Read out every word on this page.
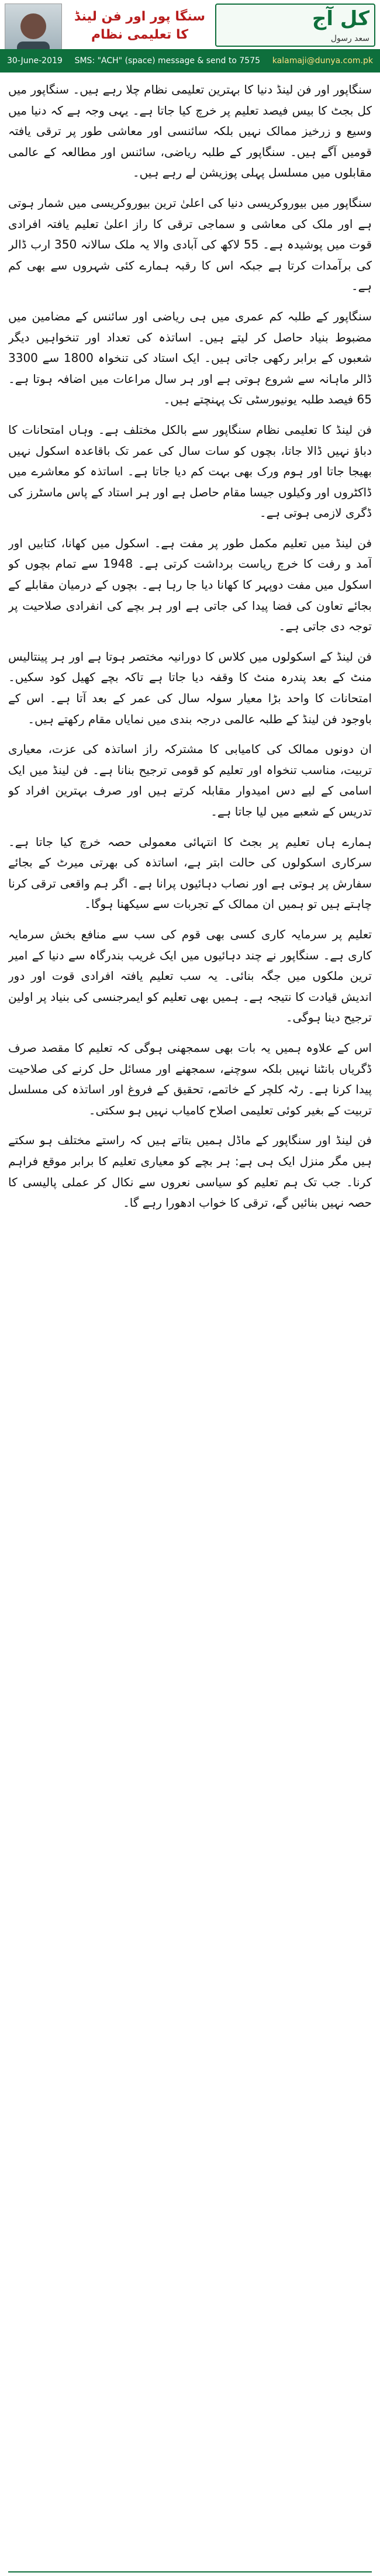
سنگا پور اور فن لینڈ کا تعلیمی نظام
کل آج
سعد رسول
30-June-2019 SMS: "ACH" (space) message & send to 7575 kalamaji@dunya.com.pk

سنگاپور اور فن لینڈ دنیا کا بہترین تعلیمی نظام چلا رہے ہیں۔ سنگاپور میں کل بجٹ کا بیس فیصد تعلیم پر خرچ کیا جاتا ہے۔ یہی وجہ ہے کہ دنیا میں وسیع و زرخیز ممالک نہیں بلکہ سائنسی اور معاشی طور پر ترقی یافتہ قومیں آگے ہیں۔ سنگاپور کے طلبہ ریاضی، سائنس اور مطالعہ کے عالمی مقابلوں میں مسلسل پہلی پوزیشن لے رہے ہیں۔

سنگاپور میں بیوروکریسی دنیا کی اعلیٰ ترین بیوروکریسی میں شمار ہوتی ہے اور ملک کی معاشی و سماجی ترقی کا راز اعلیٰ تعلیم یافتہ افرادی قوت میں پوشیدہ ہے۔ 55 لاکھ کی آبادی والا یہ ملک سالانہ 350 ارب ڈالر کی برآمدات کرتا ہے جبکہ اس کا رقبہ ہمارے کئی شہروں سے بھی کم ہے۔

سنگاپور کے طلبہ کم عمری میں ہی ریاضی اور سائنس کے مضامین میں مضبوط بنیاد حاصل کر لیتے ہیں۔ اساتذہ کی تعداد اور تنخواہیں دیگر شعبوں کے برابر رکھی جاتی ہیں۔ ایک استاد کی تنخواہ 1800 سے 3300 ڈالر ماہانہ سے شروع ہوتی ہے اور ہر سال مراعات میں اضافہ ہوتا ہے۔ 65 فیصد طلبہ یونیورسٹی تک پہنچتے ہیں۔

فن لینڈ کا تعلیمی نظام سنگاپور سے بالکل مختلف ہے۔ وہاں امتحانات کا دباؤ نہیں ڈالا جاتا، بچوں کو سات سال کی عمر تک باقاعدہ اسکول نہیں بھیجا جاتا اور ہوم ورک بھی بہت کم دیا جاتا ہے۔ اساتذہ کو معاشرے میں ڈاکٹروں اور وکیلوں جیسا مقام حاصل ہے اور ہر استاد کے پاس ماسٹرز کی ڈگری لازمی ہوتی ہے۔

فن لینڈ میں تعلیم مکمل طور پر مفت ہے۔ اسکول میں کھانا، کتابیں اور آمد و رفت کا خرچ ریاست برداشت کرتی ہے۔ 1948 سے تمام بچوں کو اسکول میں مفت دوپہر کا کھانا دیا جا رہا ہے۔ بچوں کے درمیان مقابلے کے بجائے تعاون کی فضا پیدا کی جاتی ہے اور ہر بچے کی انفرادی صلاحیت پر توجہ دی جاتی ہے۔

فن لینڈ کے اسکولوں میں کلاس کا دورانیہ مختصر ہوتا ہے اور ہر پینتالیس منٹ کے بعد پندرہ منٹ کا وقفہ دیا جاتا ہے تاکہ بچے کھیل کود سکیں۔ امتحانات کا واحد بڑا معیار سولہ سال کی عمر کے بعد آتا ہے۔ اس کے باوجود فن لینڈ کے طلبہ عالمی درجہ بندی میں نمایاں مقام رکھتے ہیں۔

ان دونوں ممالک کی کامیابی کا مشترکہ راز اساتذہ کی عزت، معیاری تربیت، مناسب تنخواہ اور تعلیم کو قومی ترجیح بنانا ہے۔ فن لینڈ میں ایک اسامی کے لیے دس امیدوار مقابلہ کرتے ہیں اور صرف بہترین افراد کو تدریس کے شعبے میں لیا جاتا ہے۔

ہمارے ہاں تعلیم پر بجٹ کا انتہائی معمولی حصہ خرچ کیا جاتا ہے۔ سرکاری اسکولوں کی حالت ابتر ہے، اساتذہ کی بھرتی میرٹ کے بجائے سفارش پر ہوتی ہے اور نصاب دہائیوں پرانا ہے۔ اگر ہم واقعی ترقی کرنا چاہتے ہیں تو ہمیں ان ممالک کے تجربات سے سیکھنا ہوگا۔

تعلیم پر سرمایہ کاری کسی بھی قوم کی سب سے منافع بخش سرمایہ کاری ہے۔ سنگاپور نے چند دہائیوں میں ایک غریب بندرگاہ سے دنیا کے امیر ترین ملکوں میں جگہ بنائی۔ یہ سب تعلیم یافتہ افرادی قوت اور دور اندیش قیادت کا نتیجہ ہے۔ ہمیں بھی تعلیم کو ایمرجنسی کی بنیاد پر اولین ترجیح دینا ہوگی۔

اس کے علاوہ ہمیں یہ بات بھی سمجھنی ہوگی کہ تعلیم کا مقصد صرف ڈگریاں بانٹنا نہیں بلکہ سوچنے، سمجھنے اور مسائل حل کرنے کی صلاحیت پیدا کرنا ہے۔ رٹہ کلچر کے خاتمے، تحقیق کے فروغ اور اساتذہ کی مسلسل تربیت کے بغیر کوئی تعلیمی اصلاح کامیاب نہیں ہو سکتی۔

فن لینڈ اور سنگاپور کے ماڈل ہمیں بتاتے ہیں کہ راستے مختلف ہو سکتے ہیں مگر منزل ایک ہی ہے: ہر بچے کو معیاری تعلیم کا برابر موقع فراہم کرنا۔ جب تک ہم تعلیم کو سیاسی نعروں سے نکال کر عملی پالیسی کا حصہ نہیں بنائیں گے، ترقی کا خواب ادھورا رہے گا۔
